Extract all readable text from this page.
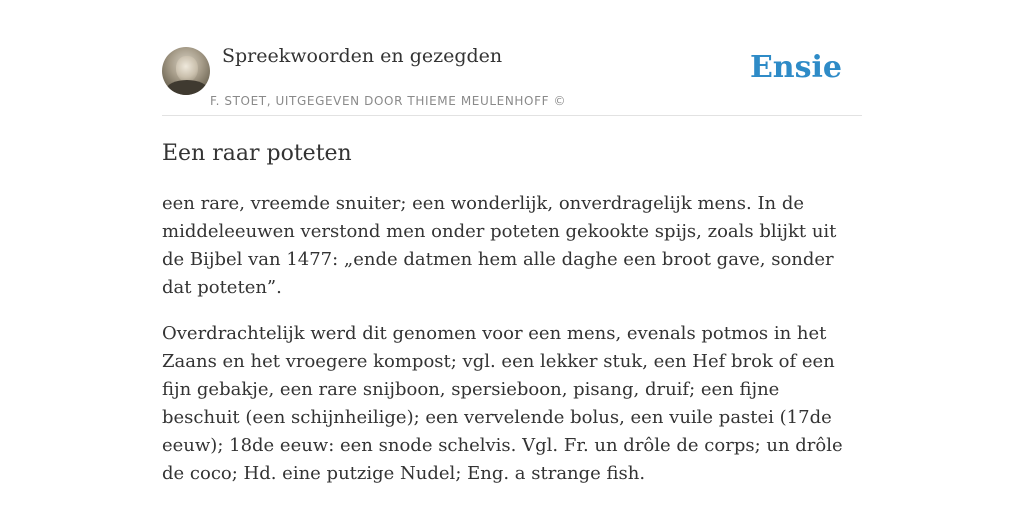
Spreekwoorden en gezegden
F. STOET, UITGEGEVEN DOOR THIEME MEULENHOFF ©
Ensie
Een raar poteten

een rare, vreemde snuiter; een wonderlijk, onverdragelijk mens. In de middeleeuwen verstond men onder poteten gekookte spijs, zoals blijkt uit de Bijbel van 1477: „ende datmen hem alle daghe een broot gave, sonder dat poteten”.

Overdrachtelijk werd dit genomen voor een mens, evenals potmos in het Zaans en het vroegere kompost; vgl. een lekker stuk, een Hef brok of een fijn gebakje, een rare snijboon, spersieboon, pisang, druif; een fijne beschuit (een schijnheilige); een vervelende bolus, een vuile pastei (17de eeuw); 18de eeuw: een snode schelvis. Vgl. Fr. un drôle de corps; un drôle de coco; Hd. eine putzige Nudel; Eng. a strange fish.
